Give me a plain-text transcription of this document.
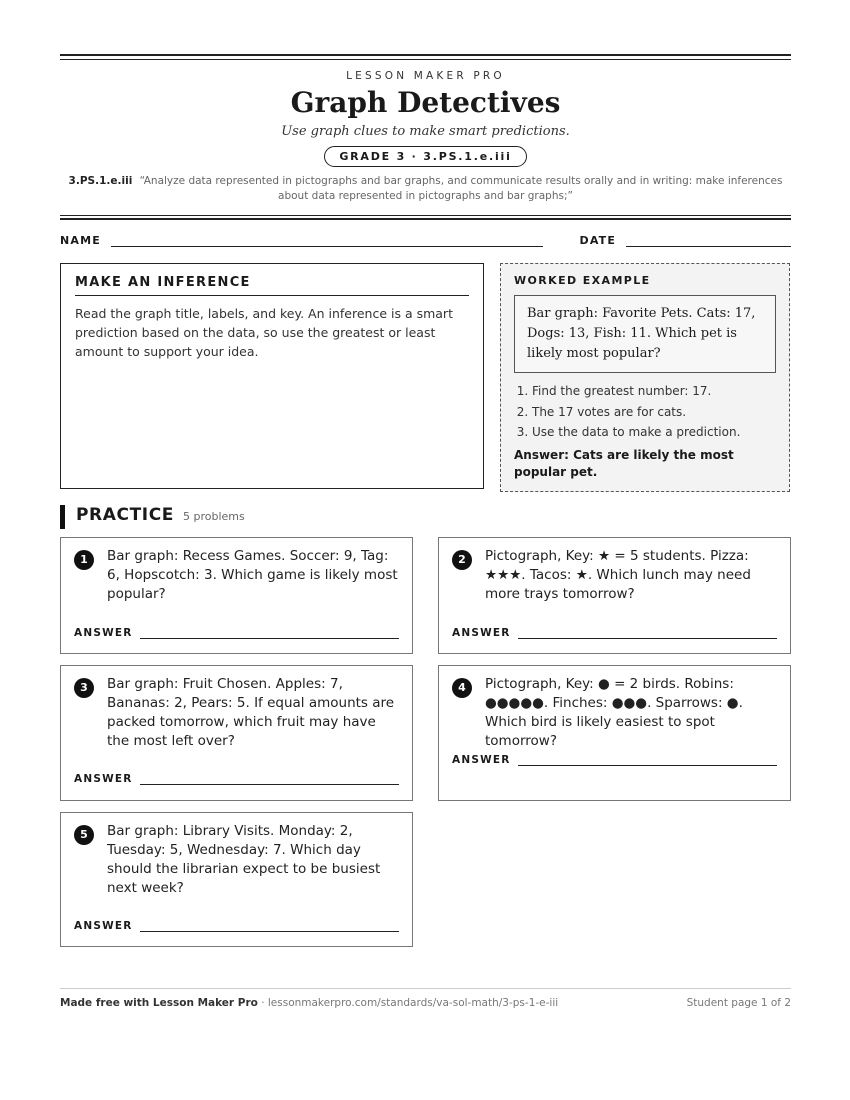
LESSON MAKER PRO
Graph Detectives
Use graph clues to make smart predictions.
GRADE 3 · 3.PS.1.e.iii
3.PS.1.e.iii “Analyze data represented in pictographs and bar graphs, and communicate results orally and in writing: make inferences about data represented in pictographs and bar graphs;”
NAME	DATE
MAKE AN INFERENCE

Read the graph title, labels, and key. An inference is a smart prediction based on the data, so use the greatest or least amount to support your idea.

WORKED EXAMPLE
Bar graph: Favorite Pets. Cats: 17, Dogs: 13, Fish: 11. Which pet is likely most popular?
1. Find the greatest number: 17.
2. The 17 votes are for cats.
3. Use the data to make a prediction.
Answer: Cats are likely the most popular pet.
PRACTICE 5 problems
1	Bar graph: Recess Games. Soccer: 9, Tag: 6, Hopscotch: 3. Which game is likely most popular?
ANSWER
2	Pictograph, Key: ★ = 5 students. Pizza: ★★★. Tacos: ★. Which lunch may need more trays tomorrow?
ANSWER
3	Bar graph: Fruit Chosen. Apples: 7, Bananas: 2, Pears: 5. If equal amounts are packed tomorrow, which fruit may have the most left over?
ANSWER
4	Pictograph, Key: ● = 2 birds. Robins: ●●●●●. Finches: ●●●. Sparrows: ●. Which bird is likely easiest to spot tomorrow?
ANSWER
5	Bar graph: Library Visits. Monday: 2, Tuesday: 5, Wednesday: 7. Which day should the librarian expect to be busiest next week?
ANSWER
Made free with Lesson Maker Pro · lessonmakerpro.com/standards/va-sol-math/3-ps-1-e-iii	Student page 1 of 2
